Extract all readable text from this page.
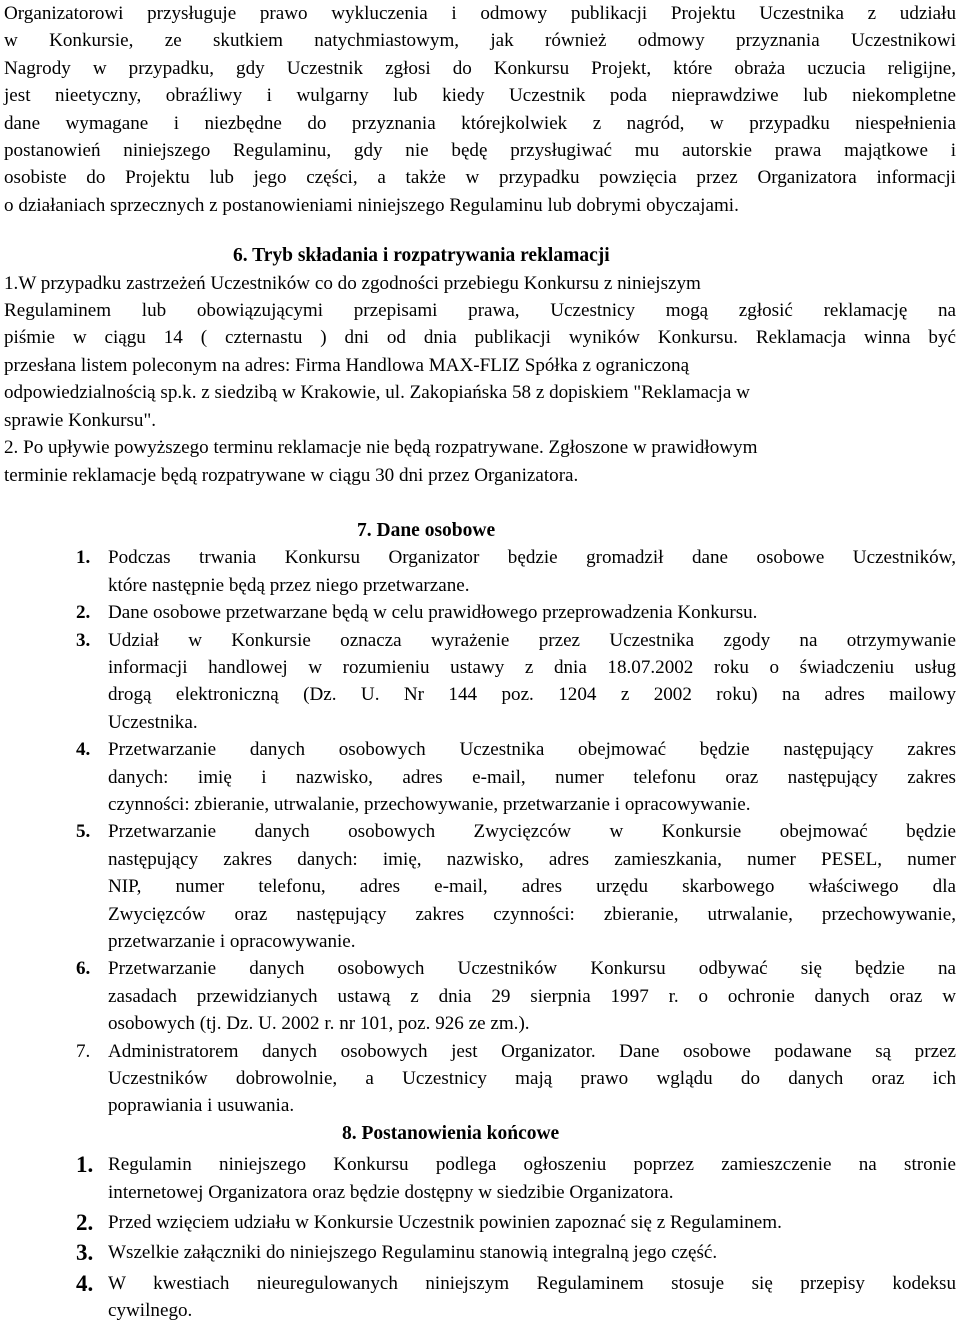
Organizatorowi przysługuje prawo wykluczenia i odmowy publikacji Projektu Uczestnika z udziału

w Konkursie, ze skutkiem natychmiastowym, jak również odmowy przyznania Uczestnikowi

Nagrody w przypadku, gdy Uczestnik zgłosi do Konkursu Projekt, które obraża uczucia religijne,

jest nieetyczny, obraźliwy i wulgarny lub kiedy Uczestnik poda nieprawdziwe lub niekompletne

dane wymagane i niezbędne do przyznania którejkolwiek z nagród, w przypadku niespełnienia

postanowień niniejszego Regulaminu, gdy nie będę przysługiwać mu autorskie prawa majątkowe i

osobiste do Projektu lub jego części, a także w przypadku powzięcia przez Organizatora informacji

o działaniach sprzecznych z postanowieniami niniejszego Regulaminu lub dobrymi obyczajami.

6. Tryb składania i rozpatrywania reklamacji

1.W przypadku zastrzeżeń Uczestników co do zgodności przebiegu Konkursu z niniejszym

Regulaminem lub obowiązującymi przepisami prawa, Uczestnicy mogą zgłosić reklamację na

piśmie w ciągu 14 ( czternastu ) dni od dnia publikacji wyników Konkursu. Reklamacja winna być

przesłana listem poleconym na adres: Firma Handlowa MAX-FLIZ Spółka z ograniczoną

odpowiedzialnością sp.k. z siedzibą w Krakowie, ul. Zakopiańska 58 z dopiskiem "Reklamacja w

sprawie Konkursu".

2. Po upływie powyższego terminu reklamacje nie będą rozpatrywane. Zgłoszone w prawidłowym

terminie reklamacje będą rozpatrywane w ciągu 30 dni przez Organizatora.

7. Dane osobowe

1. Podczas trwania Konkursu Organizator będzie gromadził dane osobowe Uczestników,
które następnie będą przez niego przetwarzane.
2. Dane osobowe przetwarzane będą w celu prawidłowego przeprowadzenia Konkursu.
3. Udział w Konkursie oznacza wyrażenie przez Uczestnika zgody na otrzymywanie
informacji handlowej w rozumieniu ustawy z dnia 18.07.2002 roku o świadczeniu usług
drogą elektroniczną (Dz. U. Nr 144 poz. 1204 z 2002 roku) na adres mailowy
Uczestnika.
4. Przetwarzanie danych osobowych Uczestnika obejmować będzie następujący zakres
danych: imię i nazwisko, adres e-mail, numer telefonu oraz następujący zakres
czynności: zbieranie, utrwalanie, przechowywanie, przetwarzanie i opracowywanie.
5. Przetwarzanie danych osobowych Zwycięzców w Konkursie obejmować będzie
następujący zakres danych: imię, nazwisko, adres zamieszkania, numer PESEL, numer
NIP, numer telefonu, adres e-mail, adres urzędu skarbowego właściwego dla
Zwycięzców oraz następujący zakres czynności: zbieranie, utrwalanie, przechowywanie,
przetwarzanie i opracowywanie.
6. Przetwarzanie danych osobowych Uczestników Konkursu odbywać się będzie na
zasadach przewidzianych ustawą z dnia 29 sierpnia 1997 r. o ochronie danych oraz w
osobowych (tj. Dz. U. 2002 r. nr 101, poz. 926 ze zm.).
7. Administratorem danych osobowych jest Organizator. Dane osobowe podawane są przez
Uczestników dobrowolnie, a Uczestnicy mają prawo wglądu do danych oraz ich
poprawiania i usuwania.

8. Postanowienia końcowe

1. Regulamin niniejszego Konkursu podlega ogłoszeniu poprzez zamieszczenie na stronie
internetowej Organizatora oraz będzie dostępny w siedzibie Organizatora.
2. Przed wzięciem udziału w Konkursie Uczestnik powinien zapoznać się z Regulaminem.
3. Wszelkie załączniki do niniejszego Regulaminu stanowią integralną jego część.
4. W kwestiach nieuregulowanych niniejszym Regulaminem stosuje się przepisy kodeksu
cywilnego.
